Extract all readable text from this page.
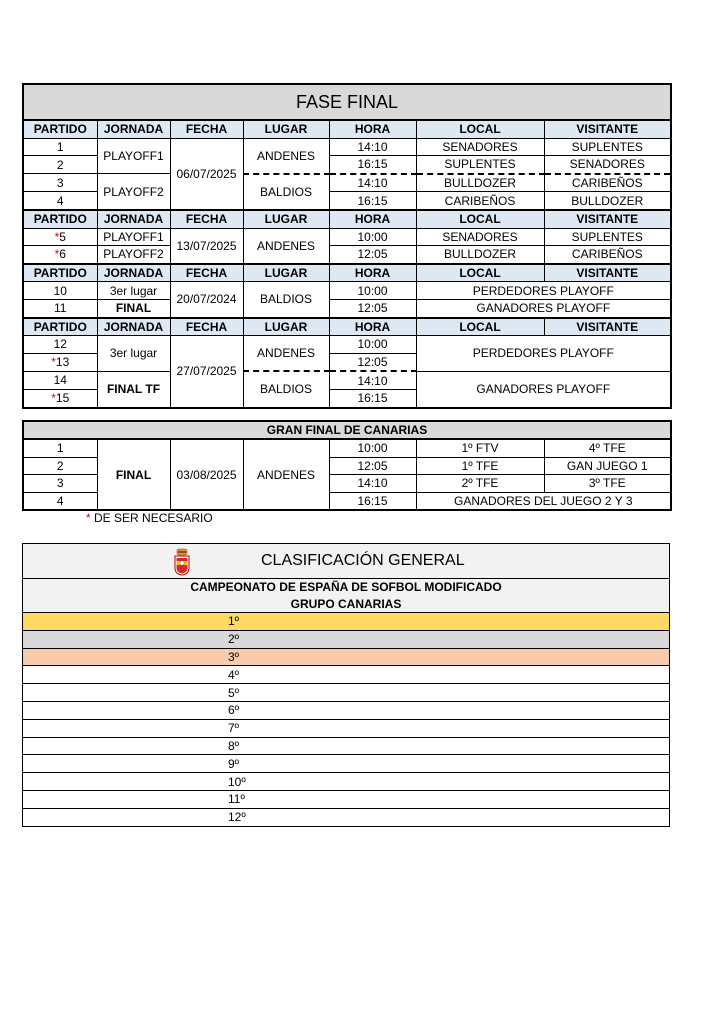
FASE FINAL						
PARTIDO	JORNADA	FECHA	LUGAR	HORA	LOCAL	VISITANTE
1	PLAYOFF1	06/07/2025	ANDENES	14:10	SENADORES	SUPLENTES
2				16:15	SUPLENTES	SENADORES
3	PLAYOFF2		BALDIOS	14:10	BULLDOZER	CARIBEÑOS
4				16:15	CARIBEÑOS	BULLDOZER
PARTIDO	JORNADA	FECHA	LUGAR	HORA	LOCAL	VISITANTE
*5	PLAYOFF1	13/07/2025	ANDENES	10:00	SENADORES	SUPLENTES
*6	PLAYOFF2			12:05	BULLDOZER	CARIBEÑOS
PARTIDO	JORNADA	FECHA	LUGAR	HORA	LOCAL	VISITANTE
10	3er lugar	20/07/2024	BALDIOS	10:00	PERDEDORES PLAYOFF	
11	FINAL			12:05	GANADORES PLAYOFF	
PARTIDO	JORNADA	FECHA	LUGAR	HORA	LOCAL	VISITANTE
12	3er lugar	27/07/2025	ANDENES	10:00	PERDEDORES PLAYOFF	
*13				12:05		
14	FINAL TF		BALDIOS	14:10	GANADORES PLAYOFF	
*15				16:15		
GRAN FINAL DE CANARIAS						
1	FINAL	03/08/2025	ANDENES	10:00	1º FTV	4º TFE
2				12:05	1º TFE	GAN JUEGO 1
3				14:10	2º TFE	3º TFE
4				16:15	GANADORES DEL JUEGO 2 Y 3	
* DE SER NECESARIO
CLASIFICACIÓN GENERAL
CAMPEONATO DE ESPAÑA DE SOFBOL MODIFICADO
GRUPO CANARIAS
1º
2º
3º
4º
5º
6º
7º
8º
9º
10º
11º
12º
